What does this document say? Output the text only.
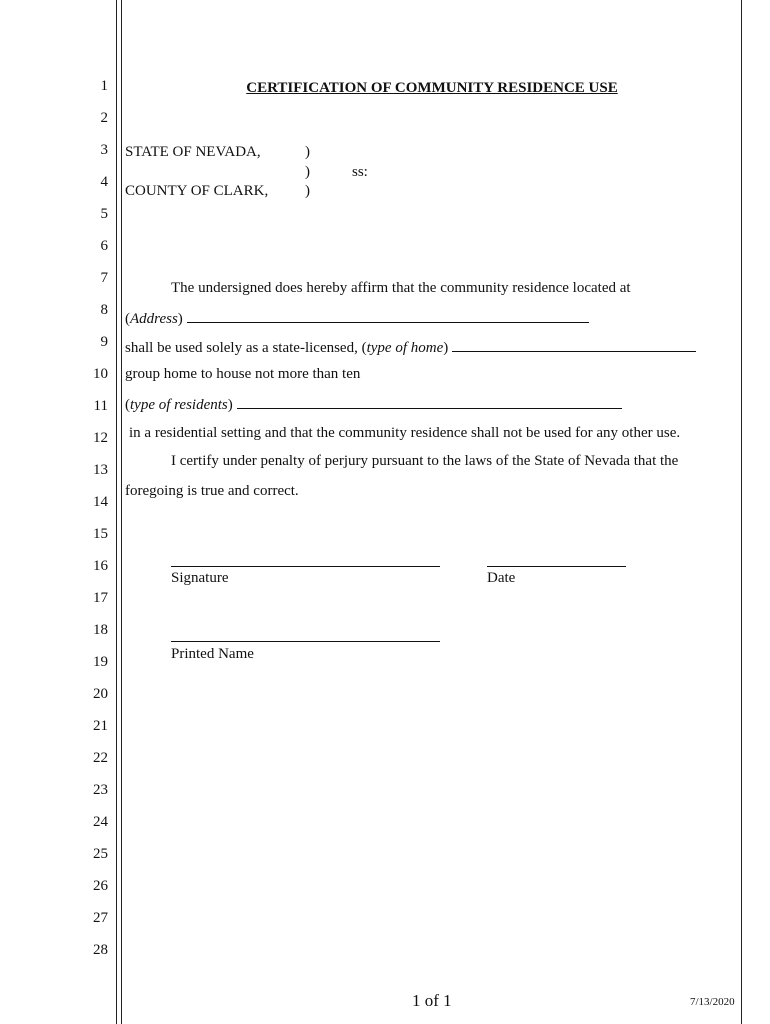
1
2
3
4
5
6
7
8
9
10
11
12
13
14
15
16
17
18
19
20
21
22
23
24
25
26
27
28
CERTIFICATION OF COMMUNITY RESIDENCE USE
STATE OF NEVADA,
COUNTY OF CLARK,
)
)
)
ss:
The undersigned does hereby affirm that the community residence located at
(Address)
shall be used solely as a state-licensed, (type of home)
group home to house not more than ten
(type of residents)
in a residential setting and that the community residence shall not be used for any other use.
I certify under penalty of perjury pursuant to the laws of the State of Nevada that the
foregoing is true and correct.
Signature	Date
Printed Name
1 of 1	7/13/2020
